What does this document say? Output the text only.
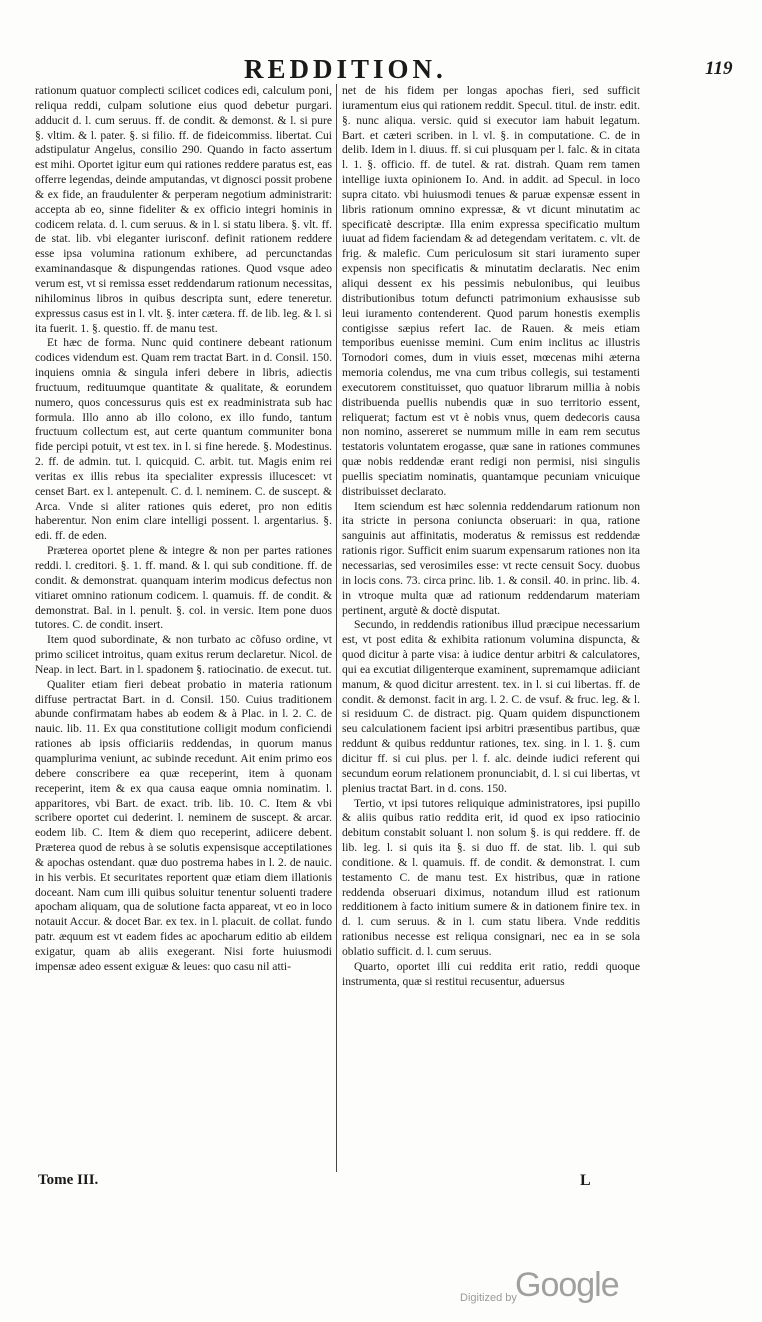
REDDITION.	119

rationum quatuor complecti scilicet codices edi, calculum poni, reliqua reddi, culpam solutione eius quod debetur purgari. adducit d. l. cum seruus. ff. de condit. & demonst. & l. si pure §. vltim. & l. pater. §. si filio. ff. de fideicommiss. libertat. Cui adstipulatur Angelus, consilio 290. Quando in facto assertum est mihi. Oportet igitur eum qui rationes reddere paratus est, eas offerre legendas, deinde amputandas, vt dignosci possit probene & ex fide, an fraudulenter & perperam negotium administrarit: accepta ab eo, sinne fideliter & ex officio integri hominis in codicem relata. d. l. cum seruus. & in l. si statu libera. §. vlt. ff. de stat. lib. vbi eleganter iurisconf. definit rationem reddere esse ipsa volumina rationum exhibere, ad percunctandas examinandasque & dispungendas rationes. Quod vsque adeo verum est, vt si remissa esset reddendarum rationum necessitas, nihilominus libros in quibus descripta sunt, edere teneretur. expressus casus est in l. vlt. §. inter cætera. ff. de lib. leg. & l. si ita fuerit. 1. §. questio. ff. de manu test.

Et hæc de forma. Nunc quid continere debeant rationum codices videndum est. Quam rem tractat Bart. in d. Consil. 150. inquiens omnia & singula inferi debere in libris, adiectis fructuum, redituumque quantitate & qualitate, & eorundem numero, quos concessurus quis est ex readministrata sub hac formula. Illo anno ab illo colono, ex illo fundo, tantum fructuum collectum est, aut certe quantum communiter bona fide percipi potuit, vt est tex. in l. si fine herede. §. Modestinus. 2. ff. de admin. tut. l. quicquid. C. arbit. tut. Magis enim rei veritas ex illis rebus ita specialiter expressis illucescet: vt censet Bart. ex l. antepenult. C. d. l. neminem. C. de suscept. & Arca. Vnde si aliter rationes quis ederet, pro non editis haberentur. Non enim clare intelligi possent. l. argentarius. §. edi. ff. de eden.

Præterea oportet plene & integre & non per partes rationes reddi. l. creditori. §. 1. ff. mand. & l. qui sub conditione. ff. de condit. & demonstrat. quanquam interim modicus defectus non vitiaret omnino rationum codicem. l. quamuis. ff. de condit. & demonstrat. Bal. in l. penult. §. col. in versic. Item pone duos tutores. C. de condit. insert.

Item quod subordinate, & non turbato ac cõfuso ordine, vt primo scilicet introitus, quam exitus rerum declaretur. Nicol. de Neap. in lect. Bart. in l. spadonem §. ratiocinatio. de execut. tut.

Qualiter etiam fieri debeat probatio in materia rationum diffuse pertractat Bart. in d. Consil. 150. Cuius traditionem abunde confirmatam habes ab eodem & à Plac. in l. 2. C. de nauic. lib. 11. Ex qua constitutione colligit modum conficiendi rationes ab ipsis officiariis reddendas, in quorum manus quamplurima veniunt, ac subinde recedunt. Ait enim primo eos debere conscribere ea quæ receperint, item à quonam receperint, item & ex qua causa eaque omnia nominatim. l. apparitores, vbi Bart. de exact. trib. lib. 10. C. Item & vbi scribere oportet cui dederint. l. neminem de suscept. & arcar. eodem lib. C. Item & diem quo receperint, adiicere debent. Præterea quod de rebus à se solutis expensisque acceptilationes & apochas ostendant. quæ duo postrema habes in l. 2. de nauic. in his verbis. Et securitates reportent quæ etiam diem illationis doceant. Nam cum illi quibus soluitur tenentur soluenti tradere apocham aliquam, qua de solutione facta appareat, vt eo in loco notauit Accur. & docet Bar. ex tex. in l. placuit. de collat. fundo patr. æquum est vt eadem fides ac apocharum editio ab eildem exigatur, quam ab aliis exegerant. Nisi forte huiusmodi impensæ adeo essent exiguæ & leues: quo casu nil atti-

net de his fidem per longas apochas fieri, sed sufficit iuramentum eius qui rationem reddit. Specul. titul. de instr. edit. §. nunc aliqua. versic. quid si executor iam habuit legatum. Bart. et cæteri scriben. in l. vl. §. in computatione. C. de in delib. Idem in l. diuus. ff. si cui plusquam per l. falc. & in citata l. 1. §. officio. ff. de tutel. & rat. distrah. Quam rem tamen intellige iuxta opinionem Io. And. in addit. ad Specul. in loco supra citato. vbi huiusmodi tenues & paruæ expensæ essent in libris rationum omnino expressæ, & vt dicunt minutatim ac specificatè descriptæ. Illa enim expressa specificatio multum iuuat ad fidem faciendam & ad detegendam veritatem. c. vlt. de frig. & malefic. Cum periculosum sit stari iuramento super expensis non specificatis & minutatim declaratis. Nec enim aliqui dessent ex his pessimis nebulonibus, qui leuibus distributionibus totum defuncti patrimonium exhausisse sub leui iuramento contenderent. Quod parum honestis exemplis contigisse sæpius refert Iac. de Rauen. & meis etiam temporibus euenisse memini. Cum enim inclitus ac illustris Tornodori comes, dum in viuis esset, mœcenas mihi æterna memoria colendus, me vna cum tribus collegis, sui testamenti executorem constituisset, quo quatuor librarum millia à nobis distribuenda puellis nubendis quæ in suo territorio essent, reliquerat; factum est vt è nobis vnus, quem dedecoris causa non nomino, assereret se nummum mille in eam rem secutus testatoris voluntatem erogasse, quæ sane in rationes communes quæ nobis reddendæ erant redigi non permisi, nisi singulis puellis speciatim nominatis, quantamque pecuniam vnicuique distribuisset declarato.

Item sciendum est hæc solennia reddendarum rationum non ita stricte in persona coniuncta obseruari: in qua, ratione sanguinis aut affinitatis, moderatus & remissus est reddendæ rationis rigor. Sufficit enim suarum expensarum rationes non ita necessarias, sed verosimiles esse: vt recte censuit Socy. duobus in locis cons. 73. circa princ. lib. 1. & consil. 40. in princ. lib. 4. in vtroque multa quæ ad rationum reddendarum materiam pertinent, argutè & doctè disputat.

Secundo, in reddendis rationibus illud præcipue necessarium est, vt post edita & exhibita rationum volumina dispuncta, & quod dicitur à parte visa: à iudice dentur arbitri & calculatores, qui ea excutiat diligenterque examinent, supremamque adiiciant manum, & quod dicitur arrestent. tex. in l. si cui libertas. ff. de condit. & demonst. facit in arg. l. 2. C. de vsuf. & fruc. leg. & l. si residuum C. de distract. pig. Quam quidem dispunctionem seu calculationem facient ipsi arbitri præsentibus partibus, quæ reddunt & quibus redduntur rationes, tex. sing. in l. 1. §. cum dicitur ff. si cui plus. per l. f. alc. deinde iudici referent qui secundum eorum relationem pronunciabit, d. l. si cui libertas, vt plenius tractat Bart. in d. cons. 150.

Tertio, vt ipsi tutores reliquique administratores, ipsi pupillo & aliis quibus ratio reddita erit, id quod ex ipso ratiocinio debitum constabit soluant l. non solum §. is qui reddere. ff. de lib. leg. l. si quis ita §. si duo ff. de stat. lib. l. qui sub conditione. & l. quamuis. ff. de condit. & demonstrat. l. cum testamento C. de manu test. Ex histribus, quæ in ratione reddenda obseruari diximus, notandum illud est rationum redditionem à facto initium sumere & in dationem finire tex. in d. l. cum seruus. & in l. cum statu libera. Vnde redditis rationibus necesse est reliqua consignari, nec ea in se sola oblatio sufficit. d. l. cum seruus.

Quarto, oportet illi cui reddita erit ratio, reddi quoque instrumenta, quæ si restitui recusentur, aduersus

Tome III.	L
Digitized by
Google
